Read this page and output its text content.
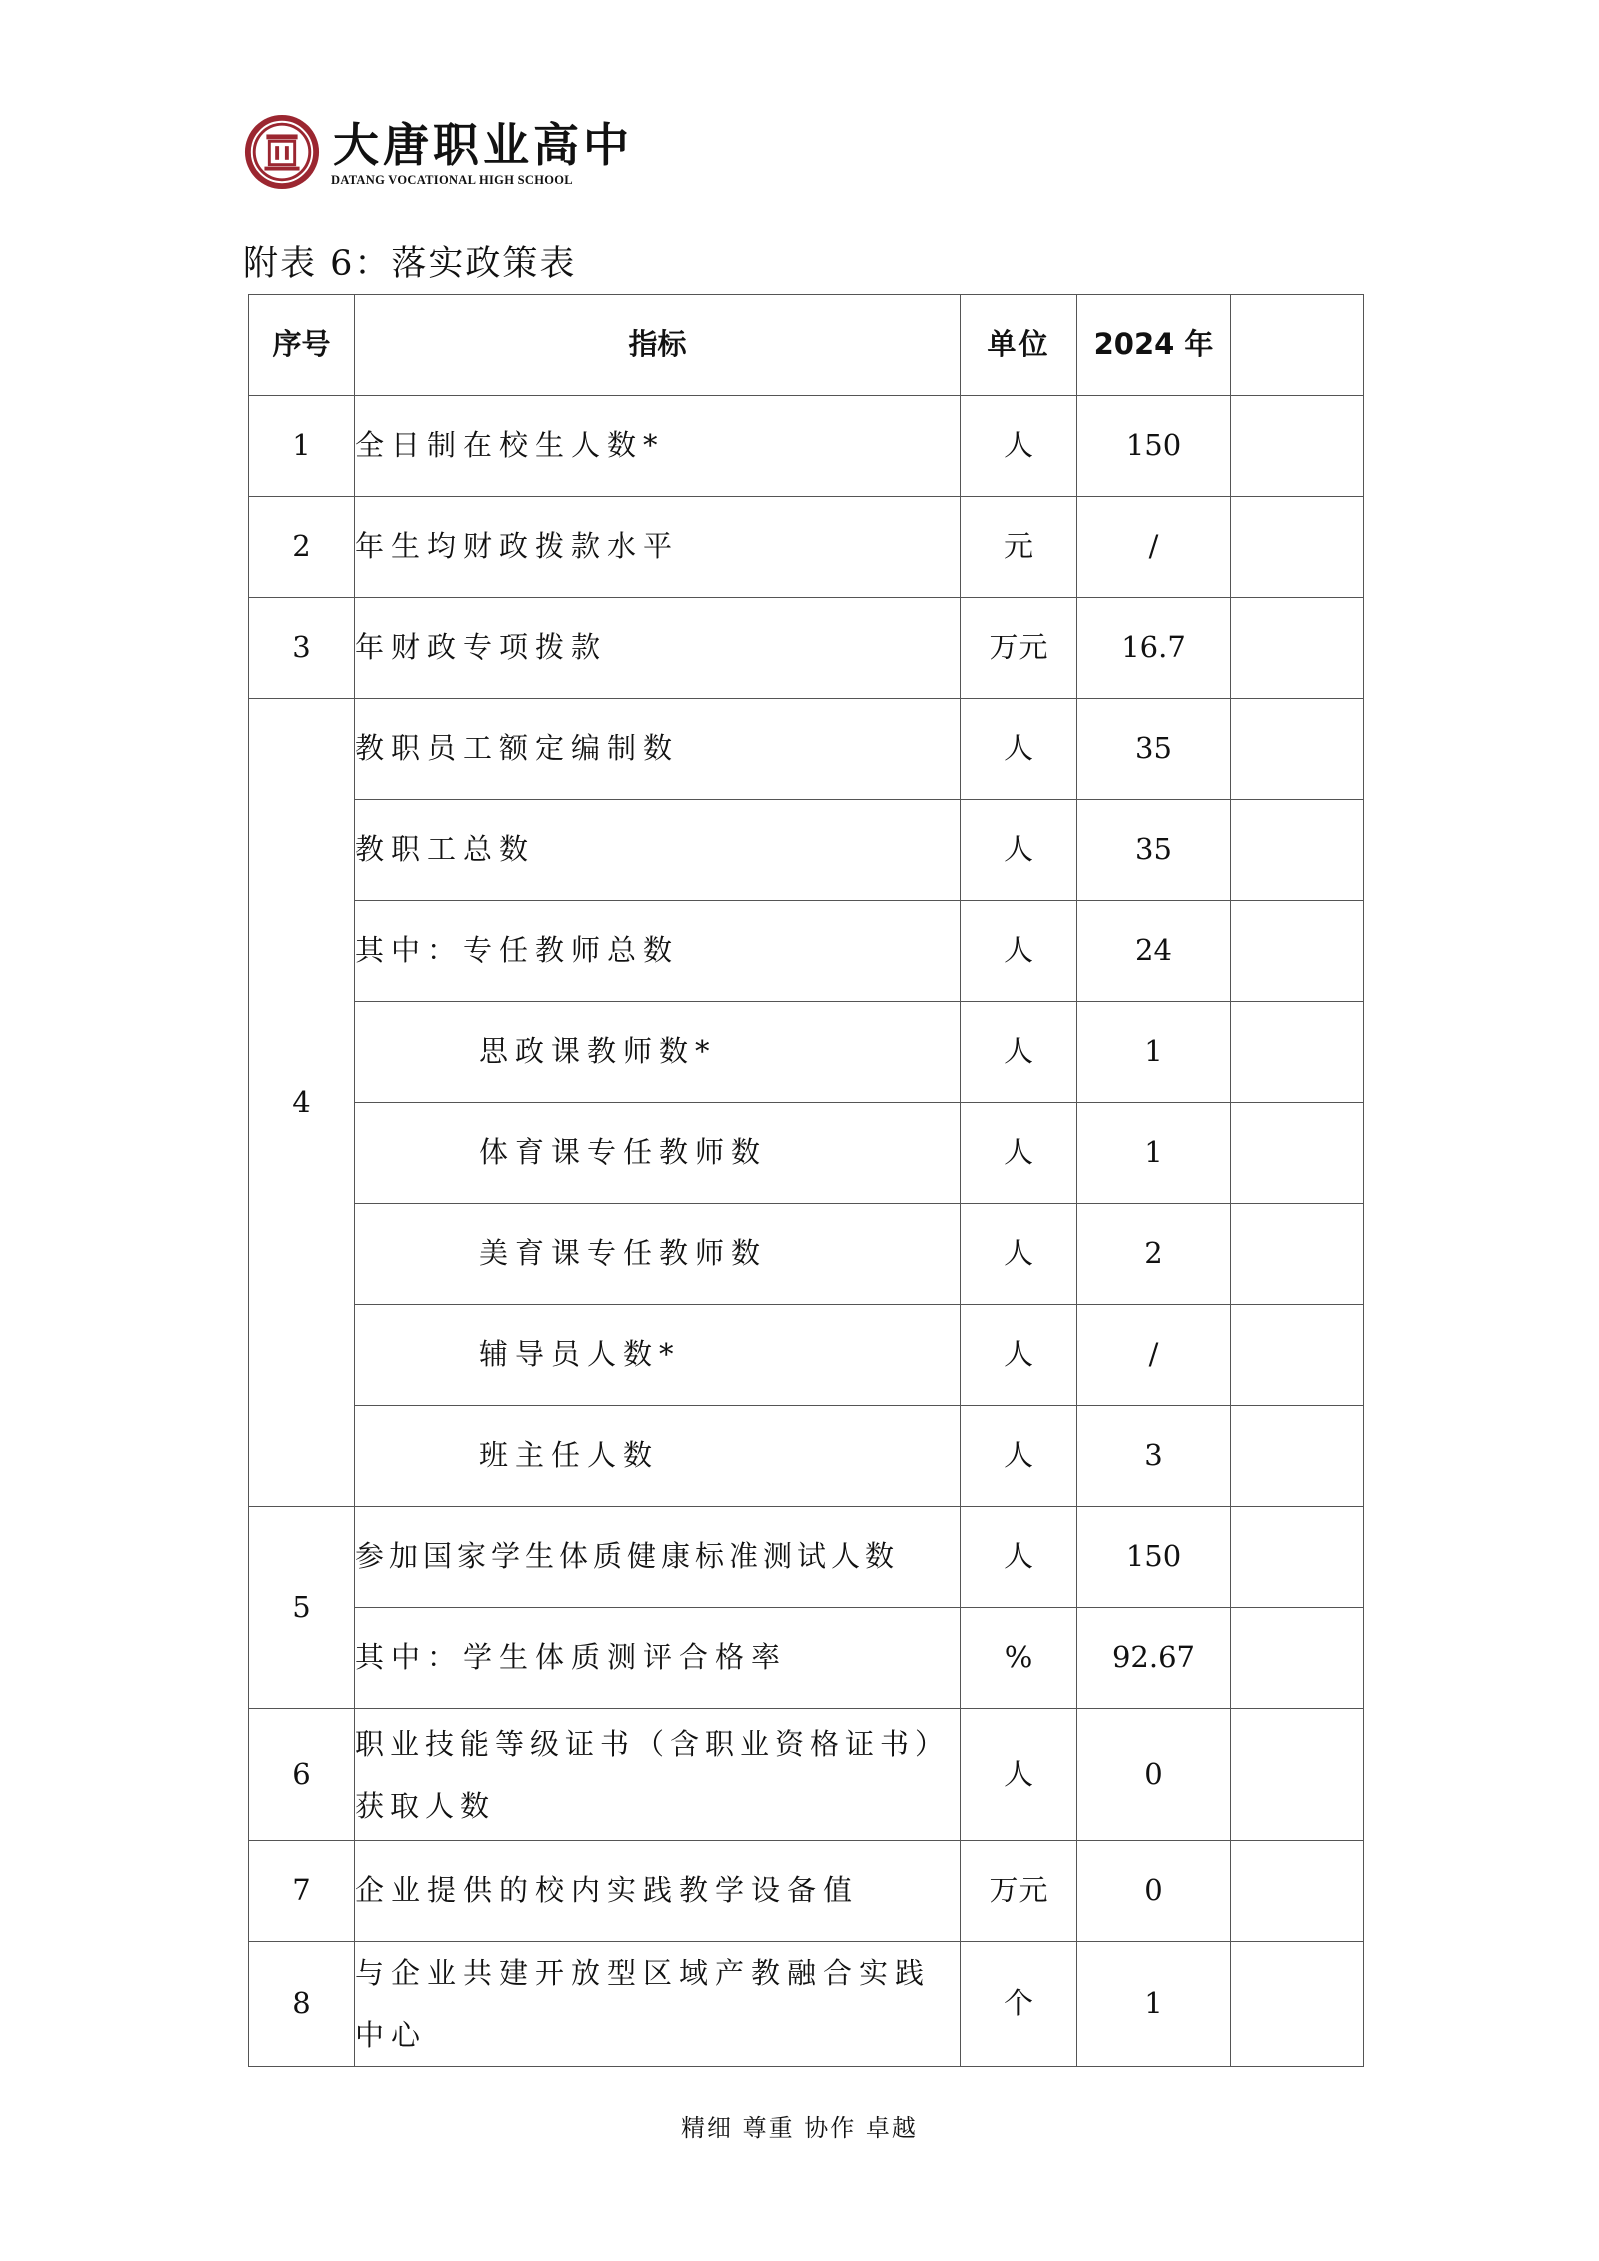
大唐职业高中
DATANG VOCATIONAL HIGH SCHOOL
附表 6：落实政策表
序号	指标	单位	2024 年	
1	全日制在校生人数*	人	150	
2	年生均财政拨款水平	元	/	
3	年财政专项拨款	万元	16.7	
4	教职员工额定编制数	人	35	
	教职工总数	人	35	
	其中：专任教师总数	人	24	
	思政课教师数*	人	1	
	体育课专任教师数	人	1	
	美育课专任教师数	人	2	
	辅导员人数*	人	/	
	班主任人数	人	3	
5	参加国家学生体质健康标准测试人数	人	150	
	其中：学生体质测评合格率	%	92.67	
6	职业技能等级证书（含职业资格证书）获取人数	人	0	
7	企业提供的校内实践教学设备值	万元	0	
8	与企业共建开放型区域产教融合实践中心	个	1	
精细 尊重 协作 卓越
